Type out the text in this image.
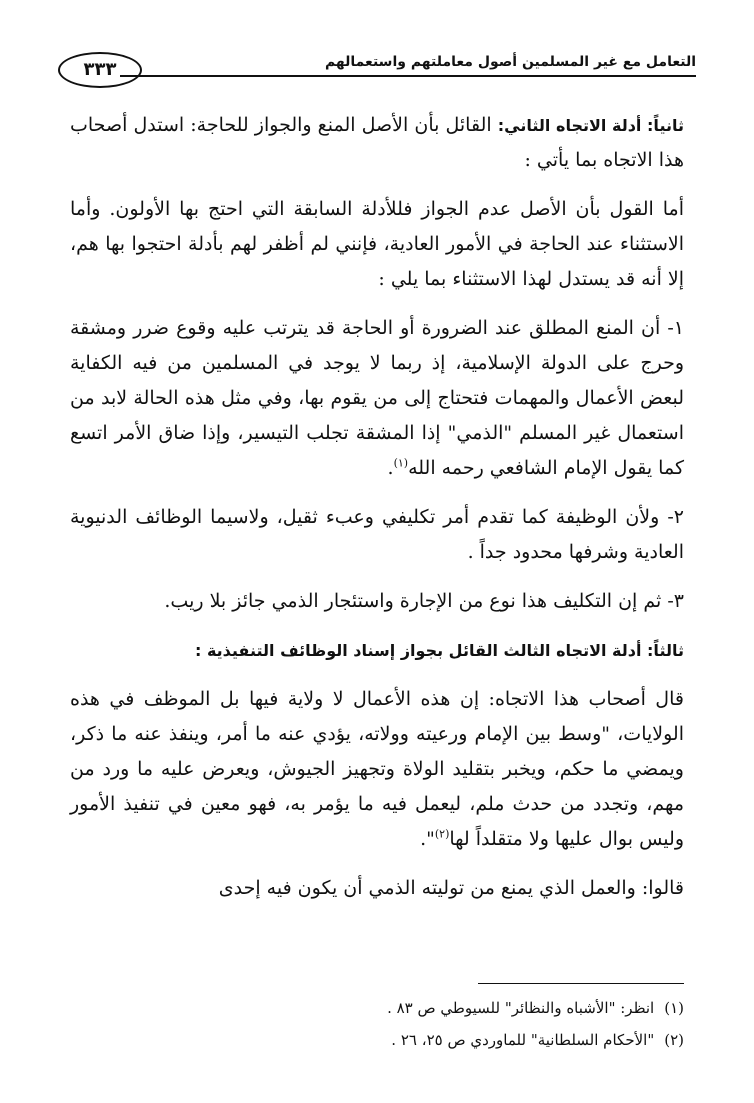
التعامل مع غير المسلمين أصول معاملتهم واستعمالهم
٣٣٣

ثانياً: أدلة الاتجاه الثاني: القائل بأن الأصل المنع والجواز للحاجة: استدل أصحاب هذا الاتجاه بما يأتي :

أما القول بأن الأصل عدم الجواز فللأدلة السابقة التي احتج بها الأولون. وأما الاستثناء عند الحاجة في الأمور العادية، فإنني لم أظفر لهم بأدلة احتجوا بها هم، إلا أنه قد يستدل لهذا الاستثناء بما يلي :

١- أن المنع المطلق عند الضرورة أو الحاجة قد يترتب عليه وقوع ضرر ومشقة وحرج على الدولة الإسلامية، إذ ربما لا يوجد في المسلمين من فيه الكفاية لبعض الأعمال والمهمات فتحتاج إلى من يقوم بها، وفي مثل هذه الحالة لابد من استعمال غير المسلم "الذمي" إذا المشقة تجلب التيسير، وإذا ضاق الأمر اتسع كما يقول الإمام الشافعي رحمه الله$^{(١)}$.

٢- ولأن الوظيفة كما تقدم أمر تكليفي وعبء ثقيل، ولاسيما الوظائف الدنيوية العادية وشرفها محدود جداً .

٣- ثم إن التكليف هذا نوع من الإجارة واستئجار الذمي جائز بلا ريب.

ثالثاً: أدلة الاتجاه الثالث القائل بجواز إسناد الوظائف التنفيذية :

قال أصحاب هذا الاتجاه: إن هذه الأعمال لا ولاية فيها بل الموظف في هذه الولايات، "وسط بين الإمام ورعيته وولاته، يؤدي عنه ما أمر، وينفذ عنه ما ذكر، ويمضي ما حكم، ويخبر بتقليد الولاة وتجهيز الجيوش، ويعرض عليه ما ورد من مهم، وتجدد من حدث ملم، ليعمل فيه ما يؤمر به، فهو معين في تنفيذ الأمور وليس بوال عليها ولا متقلداً لها$^{(٢)}$".

قالوا: والعمل الذي يمنع من توليته الذمي أن يكون فيه إحدى

(١)انظر: "الأشباه والنظائر" للسيوطي ص ٨٣ .
(٢)"الأحكام السلطانية" للماوردي ص ٢٥، ٢٦ .
